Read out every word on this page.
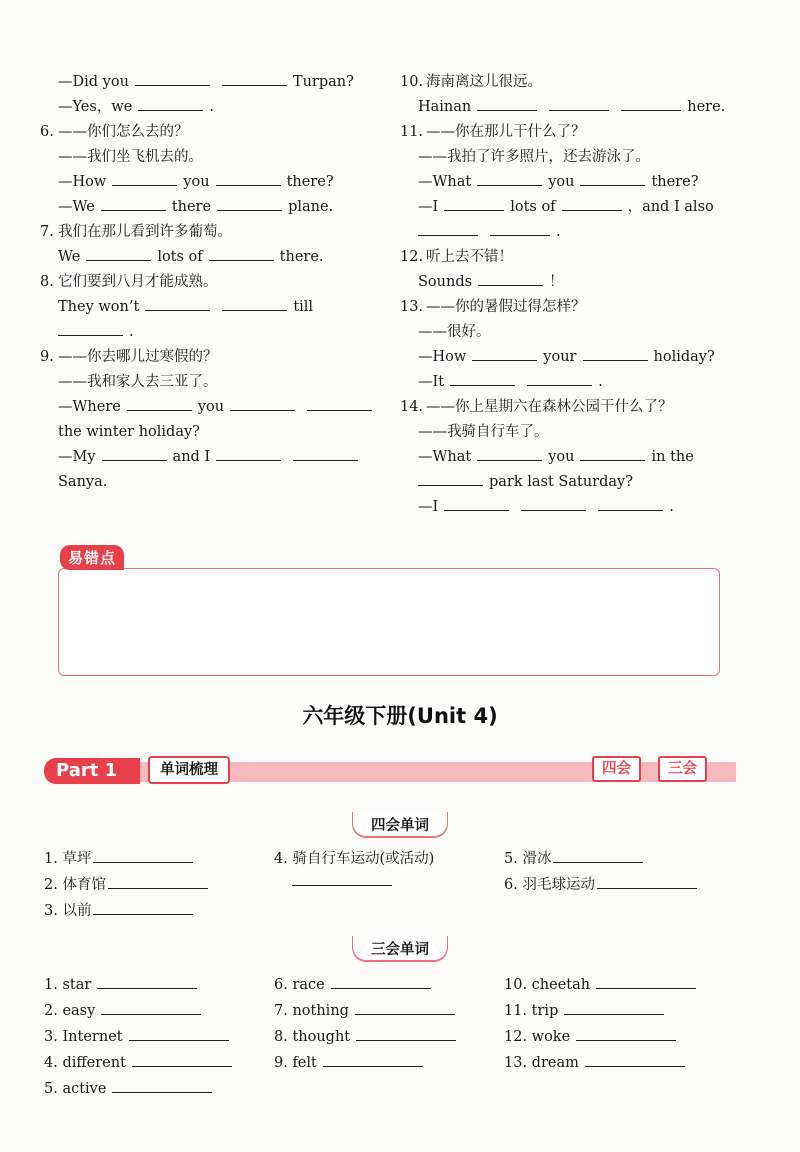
—Did you	Turpan?
—Yes，we	.
6. ——你们怎么去的？
——我们坐飞机去的。
—How	you	there?
—We	there	plane.
7. 我们在那儿看到许多葡萄。
We	lots of	there.
8. 它们要到八月才能成熟。
They won’t	till
.
9. ——你去哪儿过寒假的？
——我和家人去三亚了。
—Where	you
the winter holiday?
—My	and I
Sanya.
10. 海南离这儿很远。
Hainan	here.
11. ——你在那儿干什么了？
——我拍了许多照片，还去游泳了。
—What	you	there?
—I	lots of	，and I also
.
12. 听上去不错！
Sounds	！
13. ——你的暑假过得怎样？
——很好。
—How	your	holiday?
—It	.
14. ——你上星期六在森林公园干什么了？
——我骑自行车了。
—What	you	in the
park last Saturday?
—I	.
易错点
六年级下册(Unit 4)
Part 1	单词梳理	四会	三会
四会单词
1. 草坪
2. 体育馆
3. 以前
4. 骑自行车运动(或活动)	5. 滑冰
6. 羽毛球运动
三会单词
1. star
2. easy
3. Internet
4. different
5. active
6. race
7. nothing
8. thought
9. felt
10. cheetah
11. trip
12. woke
13. dream
